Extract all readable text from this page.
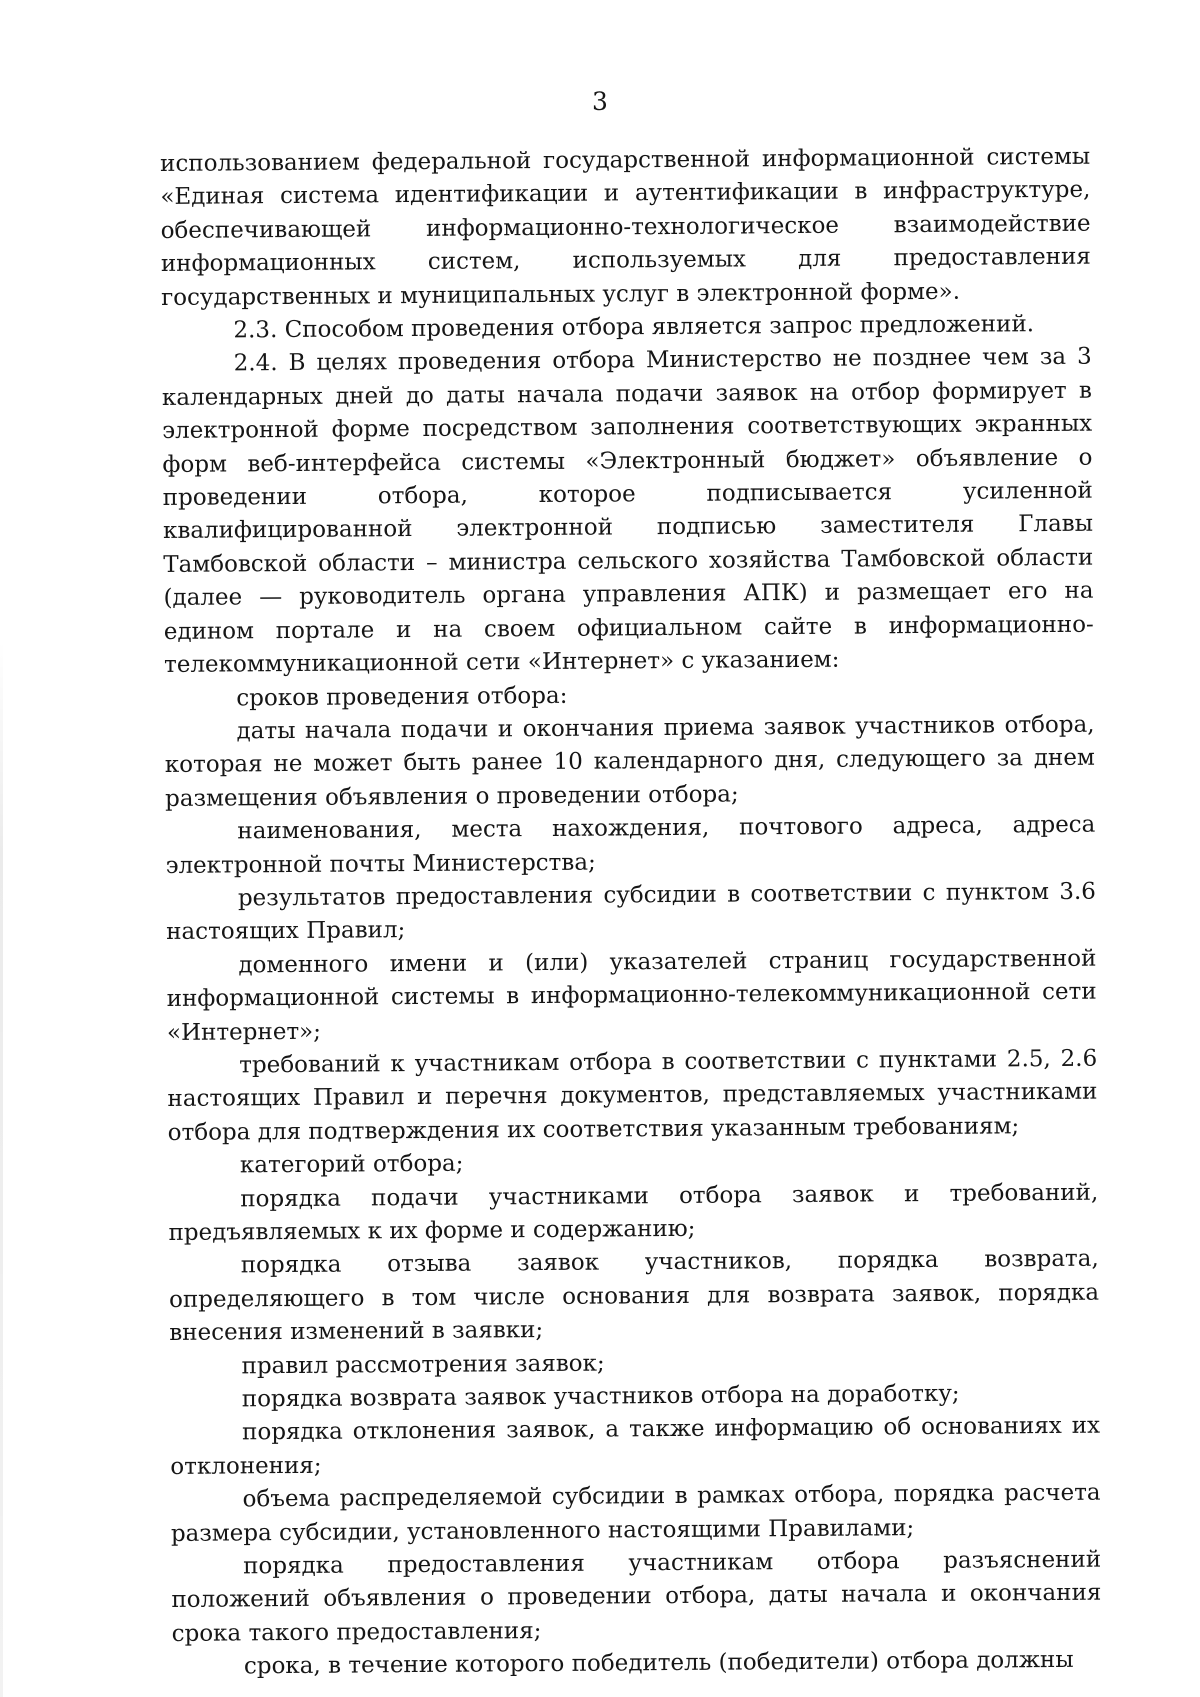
3

использованием федеральной государственной информационной системы «Единая система идентификации и аутентификации в инфраструктуре, обеспечивающей информационно-технологическое взаимодействие информационных систем, используемых для предоставления государственных и муниципальных услуг в электронной форме».

2.3. Способом проведения отбора является запрос предложений.

2.4. В целях проведения отбора Министерство не позднее чем за 3 календарных дней до даты начала подачи заявок на отбор формирует в электронной форме посредством заполнения соответствующих экранных форм веб-интерфейса системы «Электронный бюджет» объявление о проведении отбора, которое подписывается усиленной квалифицированной электронной подписью заместителя Главы Тамбовской области – министра сельского хозяйства Тамбовской области (далее — руководитель органа управления АПК) и размещает его на едином портале и на своем официальном сайте в информационно-телекоммуникационной сети «Интернет» с указанием:

сроков проведения отбора:

даты начала подачи и окончания приема заявок участников отбора, которая не может быть ранее 10 календарного дня, следующего за днем размещения объявления о проведении отбора;

наименования, места нахождения, почтового адреса, адреса электронной почты Министерства;

результатов предоставления субсидии в соответствии с пунктом 3.6 настоящих Правил;

доменного имени и (или) указателей страниц государственной информационной системы в информационно-телекоммуникационной сети «Интернет»;

требований к участникам отбора в соответствии с пунктами 2.5, 2.6 настоящих Правил и перечня документов, представляемых участниками отбора для подтверждения их соответствия указанным требованиям;

категорий отбора;

порядка подачи участниками отбора заявок и требований, предъявляемых к их форме и содержанию;

порядка отзыва заявок участников, порядка возврата, определяющего в том числе основания для возврата заявок, порядка внесения изменений в заявки;

правил рассмотрения заявок;

порядка возврата заявок участников отбора на доработку;

порядка отклонения заявок, а также информацию об основаниях их отклонения;

объема распределяемой субсидии в рамках отбора, порядка расчета размера субсидии, установленного настоящими Правилами;

порядка предоставления участникам отбора разъяснений положений объявления о проведении отбора, даты начала и окончания срока такого предоставления;

срока, в течение которого победитель (победители) отбора должны
